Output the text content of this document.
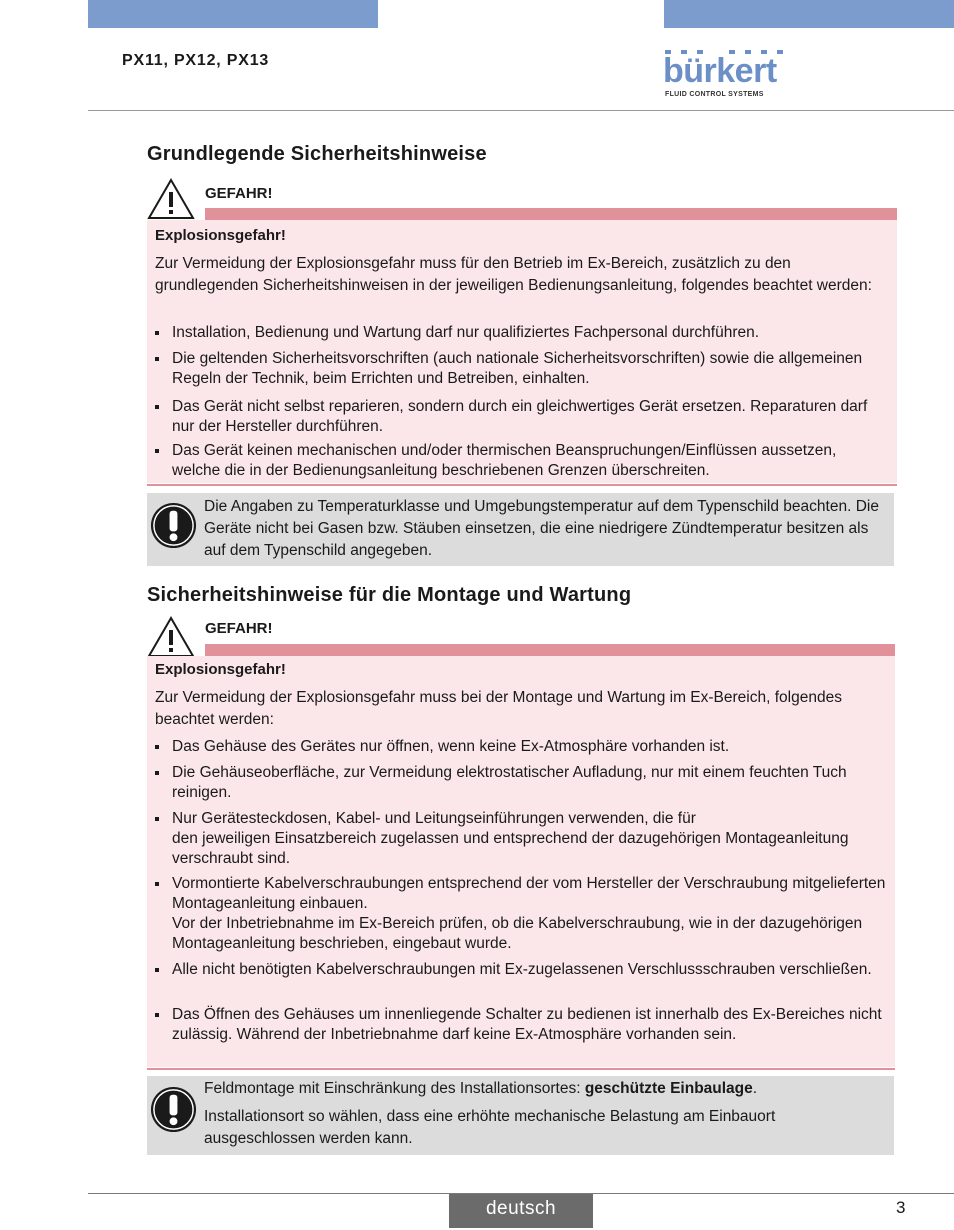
PX11, PX12, PX13	bürkert
FLUID CONTROL SYSTEMS
Grundlegende Sicherheitshinweise
GEFAHR!
Explosionsgefahr!
Zur Vermeidung der Explosionsgefahr muss für den Betrieb im Ex-Bereich, zusätzlich zu den grundlegenden Sicherheitshinweisen in der jeweiligen Bedienungsanleitung, folgendes beachtet werden:
Installation, Bedienung und Wartung darf nur qualifiziertes Fachpersonal durchführen.
Die geltenden Sicherheitsvorschriften (auch nationale Sicherheitsvorschriften) sowie die allgemeinen Regeln der Technik, beim Errichten und Betreiben, einhalten.
Das Gerät nicht selbst reparieren, sondern durch ein gleichwertiges Gerät ersetzen. Reparaturen darf nur der Hersteller durchführen.
Das Gerät keinen mechanischen und/oder thermischen Beanspruchungen/Einflüssen aussetzen, welche die in der Bedienungsanleitung beschriebenen Grenzen überschreiten.
Die Angaben zu Temperaturklasse und Umgebungstemperatur auf dem Typenschild beachten. Die Geräte nicht bei Gasen bzw. Stäuben einsetzen, die eine niedrigere Zündtemperatur besitzen als auf dem Typenschild angegeben.
Sicherheitshinweise für die Montage und Wartung
GEFAHR!
Explosionsgefahr!
Zur Vermeidung der Explosionsgefahr muss bei der Montage und Wartung im Ex-Bereich, folgendes beachtet werden:
Das Gehäuse des Gerätes nur öffnen, wenn keine Ex-Atmosphäre vorhanden ist.
Die Gehäuseoberfläche, zur Vermeidung elektrostatischer Aufladung, nur mit einem feuchten Tuch reinigen.
Nur Gerätesteckdosen, Kabel- und Leitungseinführungen verwenden, die für
den jeweiligen Einsatzbereich zugelassen und entsprechend der dazugehörigen Montageanleitung verschraubt sind.
Vormontierte Kabelverschraubungen entsprechend der vom Hersteller der Verschraubung mitgelieferten Montageanleitung einbauen.
Vor der Inbetriebnahme im Ex-Bereich prüfen, ob die Kabelverschraubung, wie in der dazugehörigen Montageanleitung beschrieben, eingebaut wurde.
Alle nicht benötigten Kabelverschraubungen mit Ex-zugelassenen Verschlussschrauben verschließen.
Das Öffnen des Gehäuses um innenliegende Schalter zu bedienen ist innerhalb des Ex-Bereiches nicht zulässig. Während der Inbetriebnahme darf keine Ex-Atmosphäre vorhanden sein.
Feldmontage mit Einschränkung des Installationsortes: geschützte Einbaulage.
Installationsort so wählen, dass eine erhöhte mechanische Belastung am Einbauort ausgeschlossen werden kann.
deutsch	3
